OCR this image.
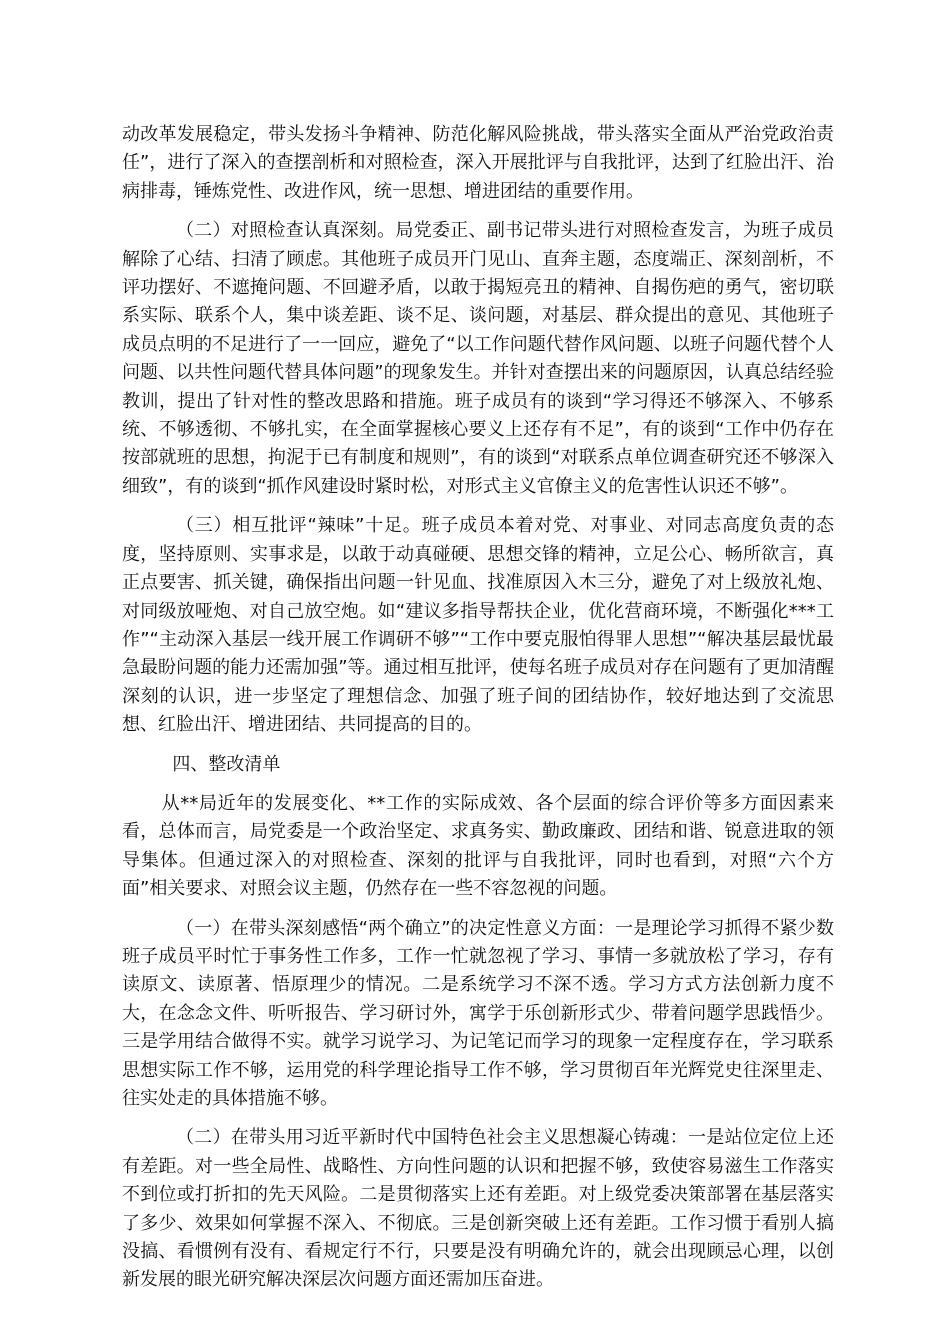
动改革发展稳定，带头发扬斗争精神、防范化解风险挑战，带头落实全面从严治党政治责任”，进行了深入的查摆剖析和对照检查，深入开展批评与自我批评，达到了红脸出汗、治病排毒，锤炼党性、改进作风，统一思想、增进团结的重要作用。

（二）对照检查认真深刻。局党委正、副书记带头进行对照检查发言，为班子成员解除了心结、扫清了顾虑。其他班子成员开门见山、直奔主题，态度端正、深刻剖析，不评功摆好、不遮掩问题、不回避矛盾，以敢于揭短亮丑的精神、自揭伤疤的勇气，密切联系实际、联系个人，集中谈差距、谈不足、谈问题，对基层、群众提出的意见、其他班子成员点明的不足进行了一一回应，避免了“以工作问题代替作风问题、以班子问题代替个人问题、以共性问题代替具体问题”的现象发生。并针对查摆出来的问题原因，认真总结经验教训，提出了针对性的整改思路和措施。班子成员有的谈到“学习得还不够深入、不够系统、不够透彻、不够扎实，在全面掌握核心要义上还存有不足”，有的谈到“工作中仍存在按部就班的思想，拘泥于已有制度和规则”，有的谈到“对联系点单位调查研究还不够深入细致”，有的谈到“抓作风建设时紧时松，对形式主义官僚主义的危害性认识还不够”。

（三）相互批评“辣味”十足。班子成员本着对党、对事业、对同志高度负责的态度，坚持原则、实事求是，以敢于动真碰硬、思想交锋的精神，立足公心、畅所欲言，真正点要害、抓关键，确保指出问题一针见血、找准原因入木三分，避免了对上级放礼炮、对同级放哑炮、对自己放空炮。如“建议多指导帮扶企业，优化营商环境，不断强化***工作”“主动深入基层一线开展工作调研不够”“工作中要克服怕得罪人思想”“解决基层最忧最急最盼问题的能力还需加强”等。通过相互批评，使每名班子成员对存在问题有了更加清醒深刻的认识，进一步坚定了理想信念、加强了班子间的团结协作，较好地达到了交流思想、红脸出汗、增进团结、共同提高的目的。

四、整改清单

从**局近年的发展变化、**工作的实际成效、各个层面的综合评价等多方面因素来看，总体而言，局党委是一个政治坚定、求真务实、勤政廉政、团结和谐、锐意进取的领导集体。但通过深入的对照检查、深刻的批评与自我批评，同时也看到，对照“六个方面”相关要求、对照会议主题，仍然存在一些不容忽视的问题。

（一）在带头深刻感悟“两个确立”的决定性意义方面：一是理论学习抓得不紧少数班子成员平时忙于事务性工作多，工作一忙就忽视了学习、事情一多就放松了学习，存有读原文、读原著、悟原理少的情况。二是系统学习不深不透。学习方式方法创新力度不大，在念念文件、听听报告、学习研讨外，寓学于乐创新形式少、带着问题学思践悟少。三是学用结合做得不实。就学习说学习、为记笔记而学习的现象一定程度存在，学习联系思想实际工作不够，运用党的科学理论指导工作不够，学习贯彻百年光辉党史往深里走、往实处走的具体措施不够。

（二）在带头用习近平新时代中国特色社会主义思想凝心铸魂：一是站位定位上还有差距。对一些全局性、战略性、方向性问题的认识和把握不够，致使容易滋生工作落实不到位或打折扣的先天风险。二是贯彻落实上还有差距。对上级党委决策部署在基层落实了多少、效果如何掌握不深入、不彻底。三是创新突破上还有差距。工作习惯于看别人搞没搞、看惯例有没有、看规定行不行，只要是没有明确允许的，就会出现顾忌心理，以创新发展的眼光研究解决深层次问题方面还需加压奋进。
